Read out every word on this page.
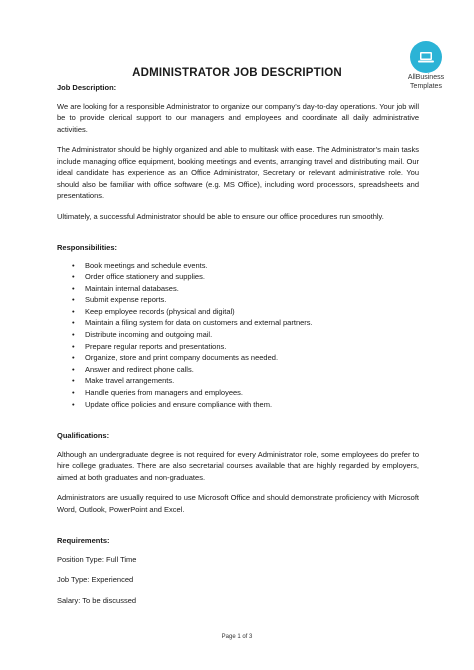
AllBusiness
Templates
ADMINISTRATOR JOB DESCRIPTION

Job Description:

We are looking for a responsible Administrator to organize our company’s day-to-day operations. Your job will be to provide clerical support to our managers and employees and coordinate all daily administrative activities.

The Administrator should be highly organized and able to multitask with ease. The Administrator’s main tasks include managing office equipment, booking meetings and events, arranging travel and distributing mail. Our ideal candidate has experience as an Office Administrator, Secretary or relevant administrative role. You should also be familiar with office software (e.g. MS Office), including word processors, spreadsheets and presentations.

Ultimately, a successful Administrator should be able to ensure our office procedures run smoothly.

Responsibilities:

• Book meetings and schedule events.
• Order office stationery and supplies.
• Maintain internal databases.
• Submit expense reports.
• Keep employee records (physical and digital)
• Maintain a filing system for data on customers and external partners.
• Distribute incoming and outgoing mail.
• Prepare regular reports and presentations.
• Organize, store and print company documents as needed.
• Answer and redirect phone calls.
• Make travel arrangements.
• Handle queries from managers and employees.
• Update office policies and ensure compliance with them.

Qualifications:

Although an undergraduate degree is not required for every Administrator role, some employees do prefer to hire college graduates. There are also secretarial courses available that are highly regarded by employers, aimed at both graduates and non-graduates.

Administrators are usually required to use Microsoft Office and should demonstrate proficiency with Microsoft Word, Outlook, PowerPoint and Excel.

Requirements:

Position Type: Full Time

Job Type: Experienced

Salary: To be discussed

Page 1 of 3
